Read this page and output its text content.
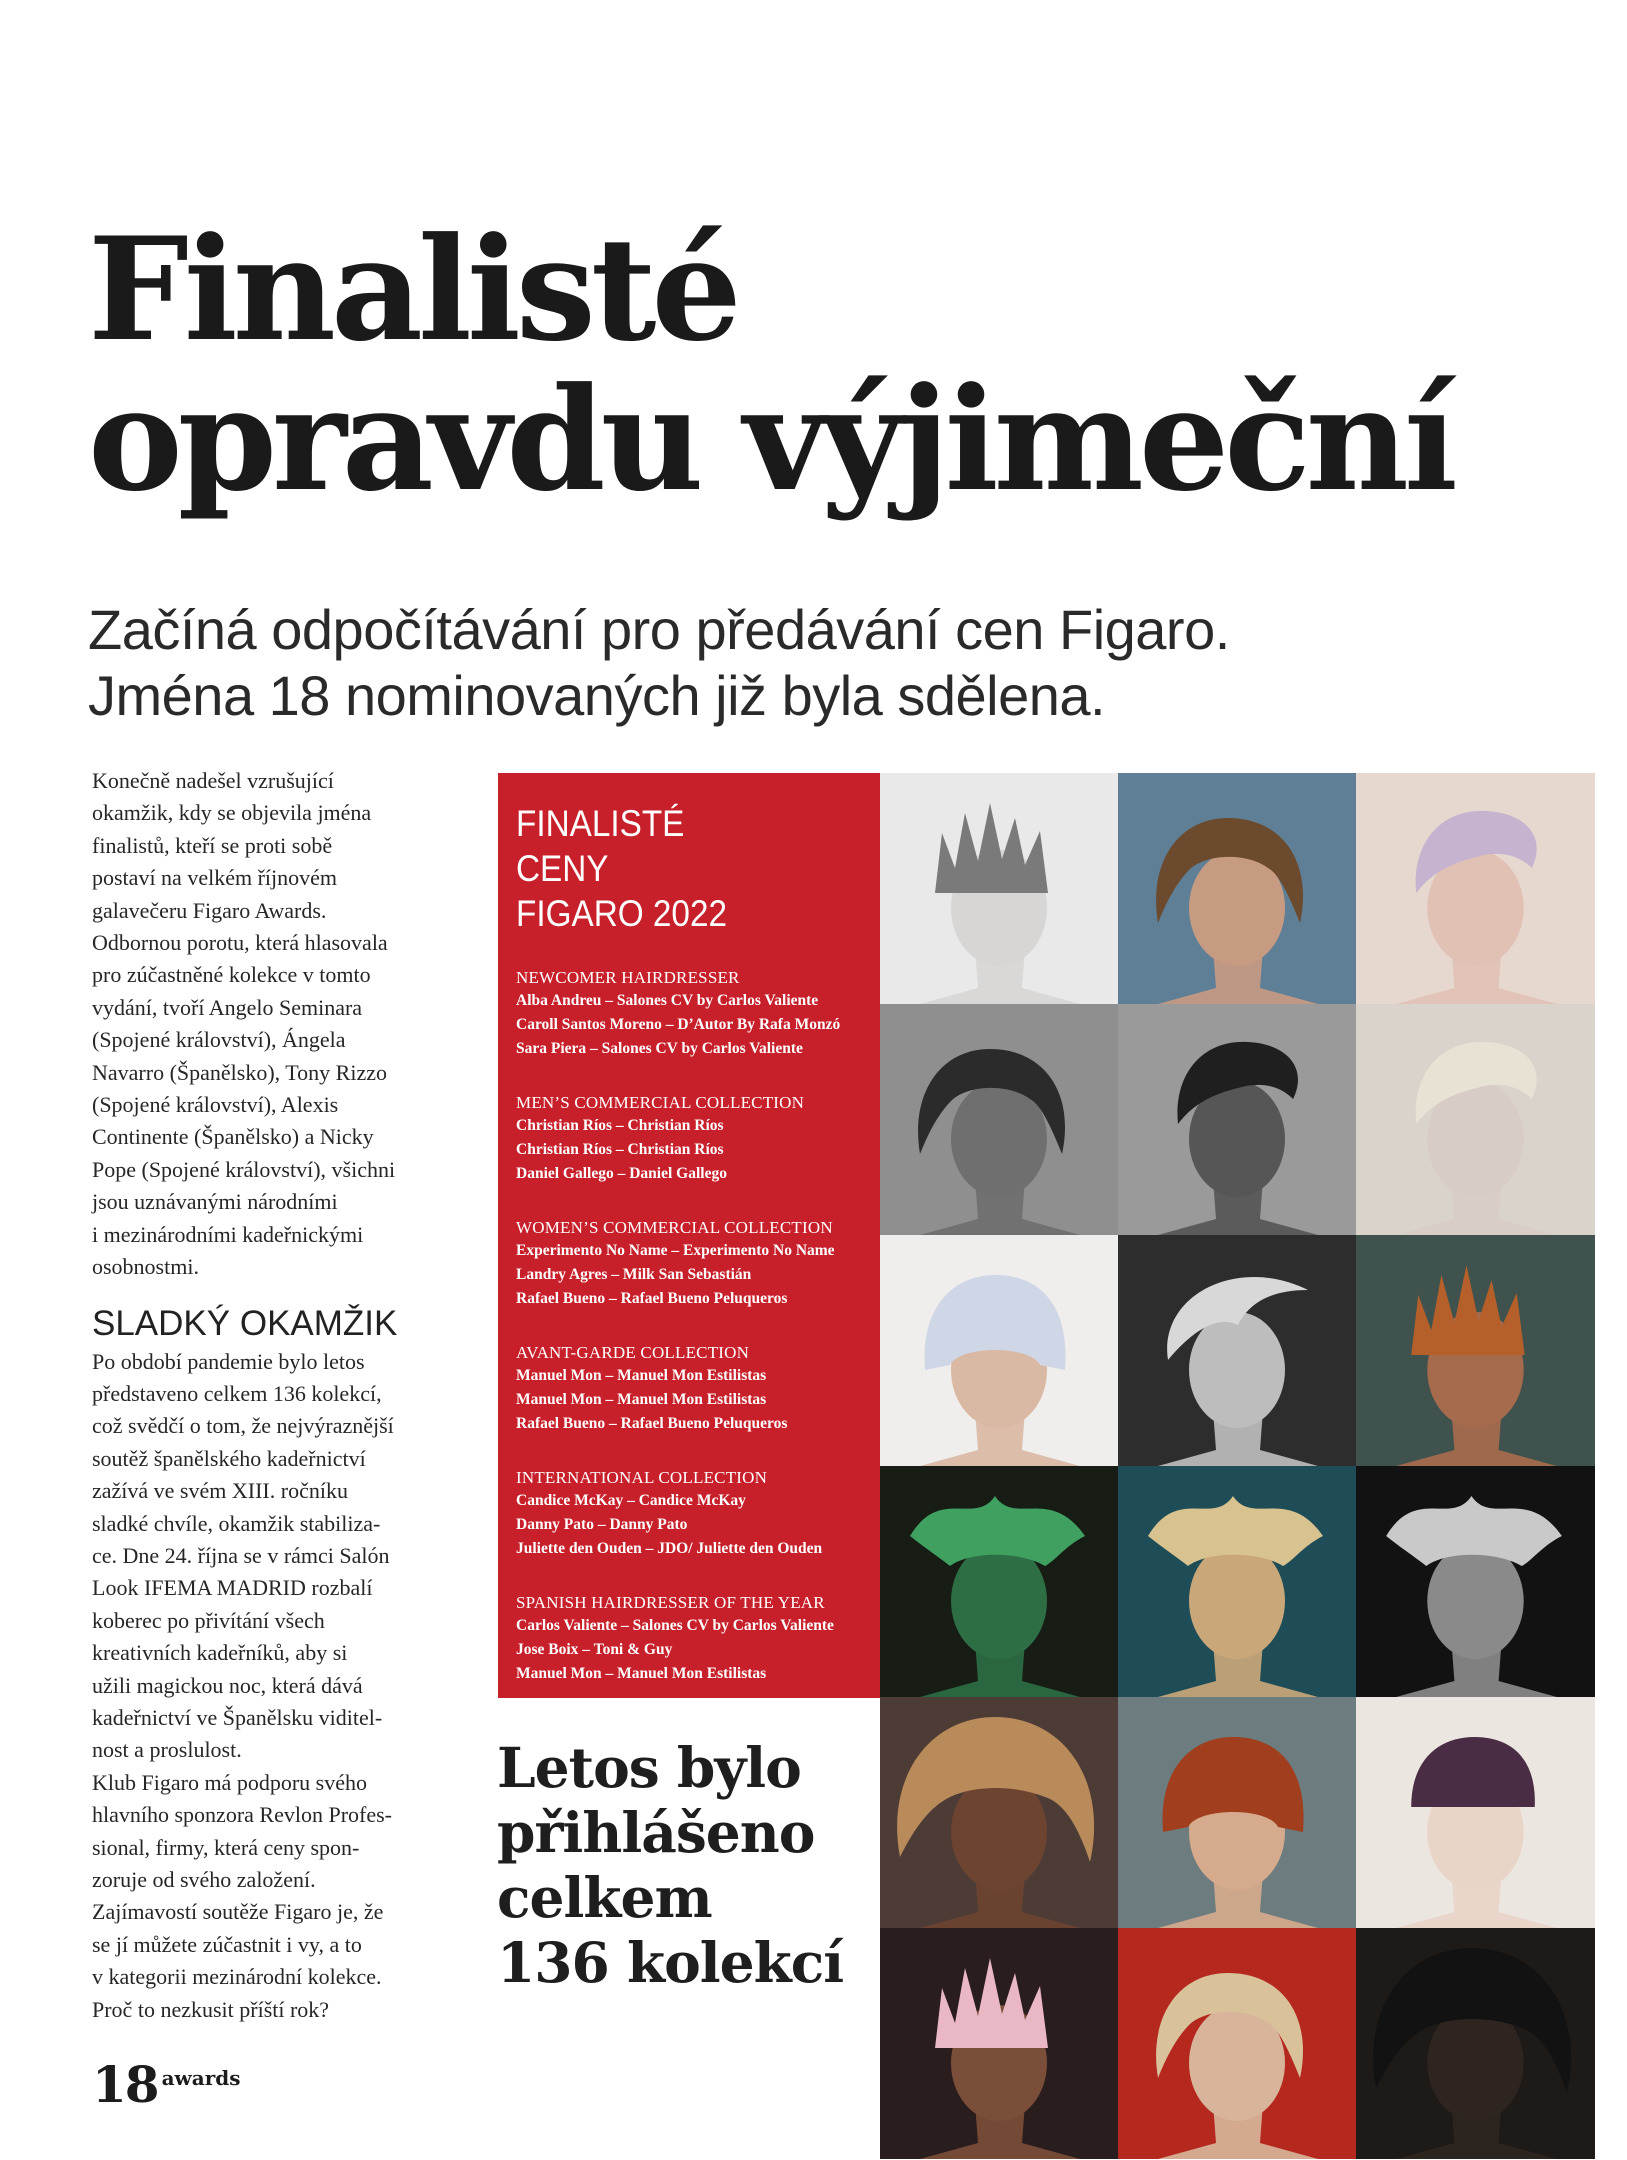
Finalisté
opravdu výjimeční
Začíná odpočítávání pro předávání cen Figaro.
Jména 18 nominovaných již byla sdělena.

Konečně nadešel vzrušující
okamžik, kdy se objevila jména
finalistů, kteří se proti sobě
postaví na velkém říjnovém
galavečeru Figaro Awards.
Odbornou porotu, která hlasovala
pro zúčastněné kolekce v tomto
vydání, tvoří Angelo Seminara
(Spojené království), Ángela
Navarro (Španělsko), Tony Rizzo
(Spojené království), Alexis
Continente (Španělsko) a Nicky
Pope (Spojené království), všichni
jsou uznávanými národními
i mezinárodními kadeřnickými
osobnostmi.

SLADKÝ OKAMŽIK

Po období pandemie bylo letos
představeno celkem 136 kolekcí,
což svědčí o tom, že nejvýraznější
soutěž španělského kadeřnictví
zažívá ve svém XIII. ročníku
sladké chvíle, okamžik stabiliza-
ce. Dne 24. října se v rámci Salón
Look IFEMA MADRID rozbalí
koberec po přivítání všech
kreativních kadeřníků, aby si
užili magickou noc, která dává
kadeřnictví ve Španělsku viditel-
nost a proslulost.
Klub Figaro má podporu svého
hlavního sponzora Revlon Profes-
sional, firmy, která ceny spon-
zoruje od svého založení.
Zajímavostí soutěže Figaro je, že
se jí můžete zúčastnit i vy, a to
v kategorii mezinárodní kolekce.
Proč to nezkusit příští rok?

FINALISTÉ
CENY
FIGARO 2022
NEWCOMER HAIRDRESSER
Alba Andreu – Salones CV by Carlos Valiente
Caroll Santos Moreno – D’Autor By Rafa Monzó
Sara Piera – Salones CV by Carlos Valiente
MEN’S COMMERCIAL COLLECTION
Christian Ríos – Christian Ríos
Christian Ríos – Christian Ríos
Daniel Gallego – Daniel Gallego
WOMEN’S COMMERCIAL COLLECTION
Experimento No Name – Experimento No Name
Landry Agres – Milk San Sebastián
Rafael Bueno – Rafael Bueno Peluqueros
AVANT-GARDE COLLECTION
Manuel Mon – Manuel Mon Estilistas
Manuel Mon – Manuel Mon Estilistas
Rafael Bueno – Rafael Bueno Peluqueros
INTERNATIONAL COLLECTION
Candice McKay – Candice McKay
Danny Pato – Danny Pato
Juliette den Ouden – JDO/ Juliette den Ouden
SPANISH HAIRDRESSER OF THE YEAR
Carlos Valiente – Salones CV by Carlos Valiente
Jose Boix – Toni & Guy
Manuel Mon – Manuel Mon Estilistas
Letos bylo
přihlášeno
celkem
136 kolekcí
18 awards
